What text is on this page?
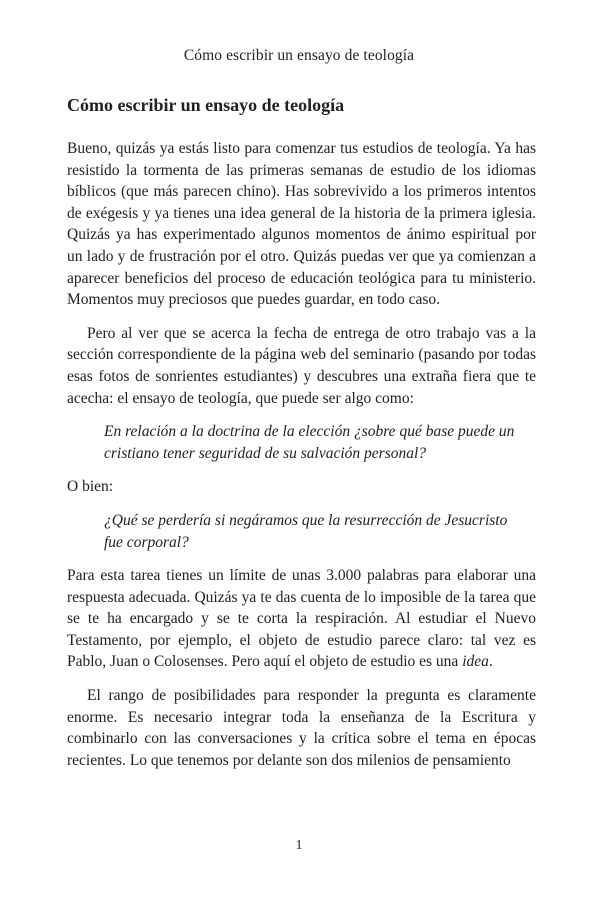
Cómo escribir un ensayo de teología
Cómo escribir un ensayo de teología

Bueno, quizás ya estás listo para comenzar tus estudios de teología. Ya has resistido la tormenta de las primeras semanas de estudio de los idiomas bíblicos (que más parecen chino). Has sobrevivido a los primeros intentos de exégesis y ya tienes una idea general de la historia de la primera iglesia. Quizás ya has experimentado algunos momentos de ánimo espiritual por un lado y de frustración por el otro. Quizás puedas ver que ya comienzan a aparecer beneficios del proceso de educación teológica para tu ministerio. Momentos muy preciosos que puedes guardar, en todo caso.

Pero al ver que se acerca la fecha de entrega de otro trabajo vas a la sección correspondiente de la página web del seminario (pasando por todas esas fotos de sonrientes estudiantes) y descubres una extraña fiera que te acecha: el ensayo de teología, que puede ser algo como:

En relación a la doctrina de la elección ¿sobre qué base puede un cristiano tener seguridad de su salvación personal?

O bien:

¿Qué se perdería si negáramos que la resurrección de Jesucristo fue corporal?

Para esta tarea tienes un límite de unas 3.000 palabras para elaborar una respuesta adecuada. Quizás ya te das cuenta de lo imposible de la tarea que se te ha encargado y se te corta la respiración. Al estudiar el Nuevo Testamento, por ejemplo, el objeto de estudio parece claro: tal vez es Pablo, Juan o Colosenses. Pero aquí el objeto de estudio es una idea.

El rango de posibilidades para responder la pregunta es claramente enorme. Es necesario integrar toda la enseñanza de la Escritura y combinarlo con las conversaciones y la crítica sobre el tema en épocas recientes. Lo que tenemos por delante son dos milenios de pensamiento

1
